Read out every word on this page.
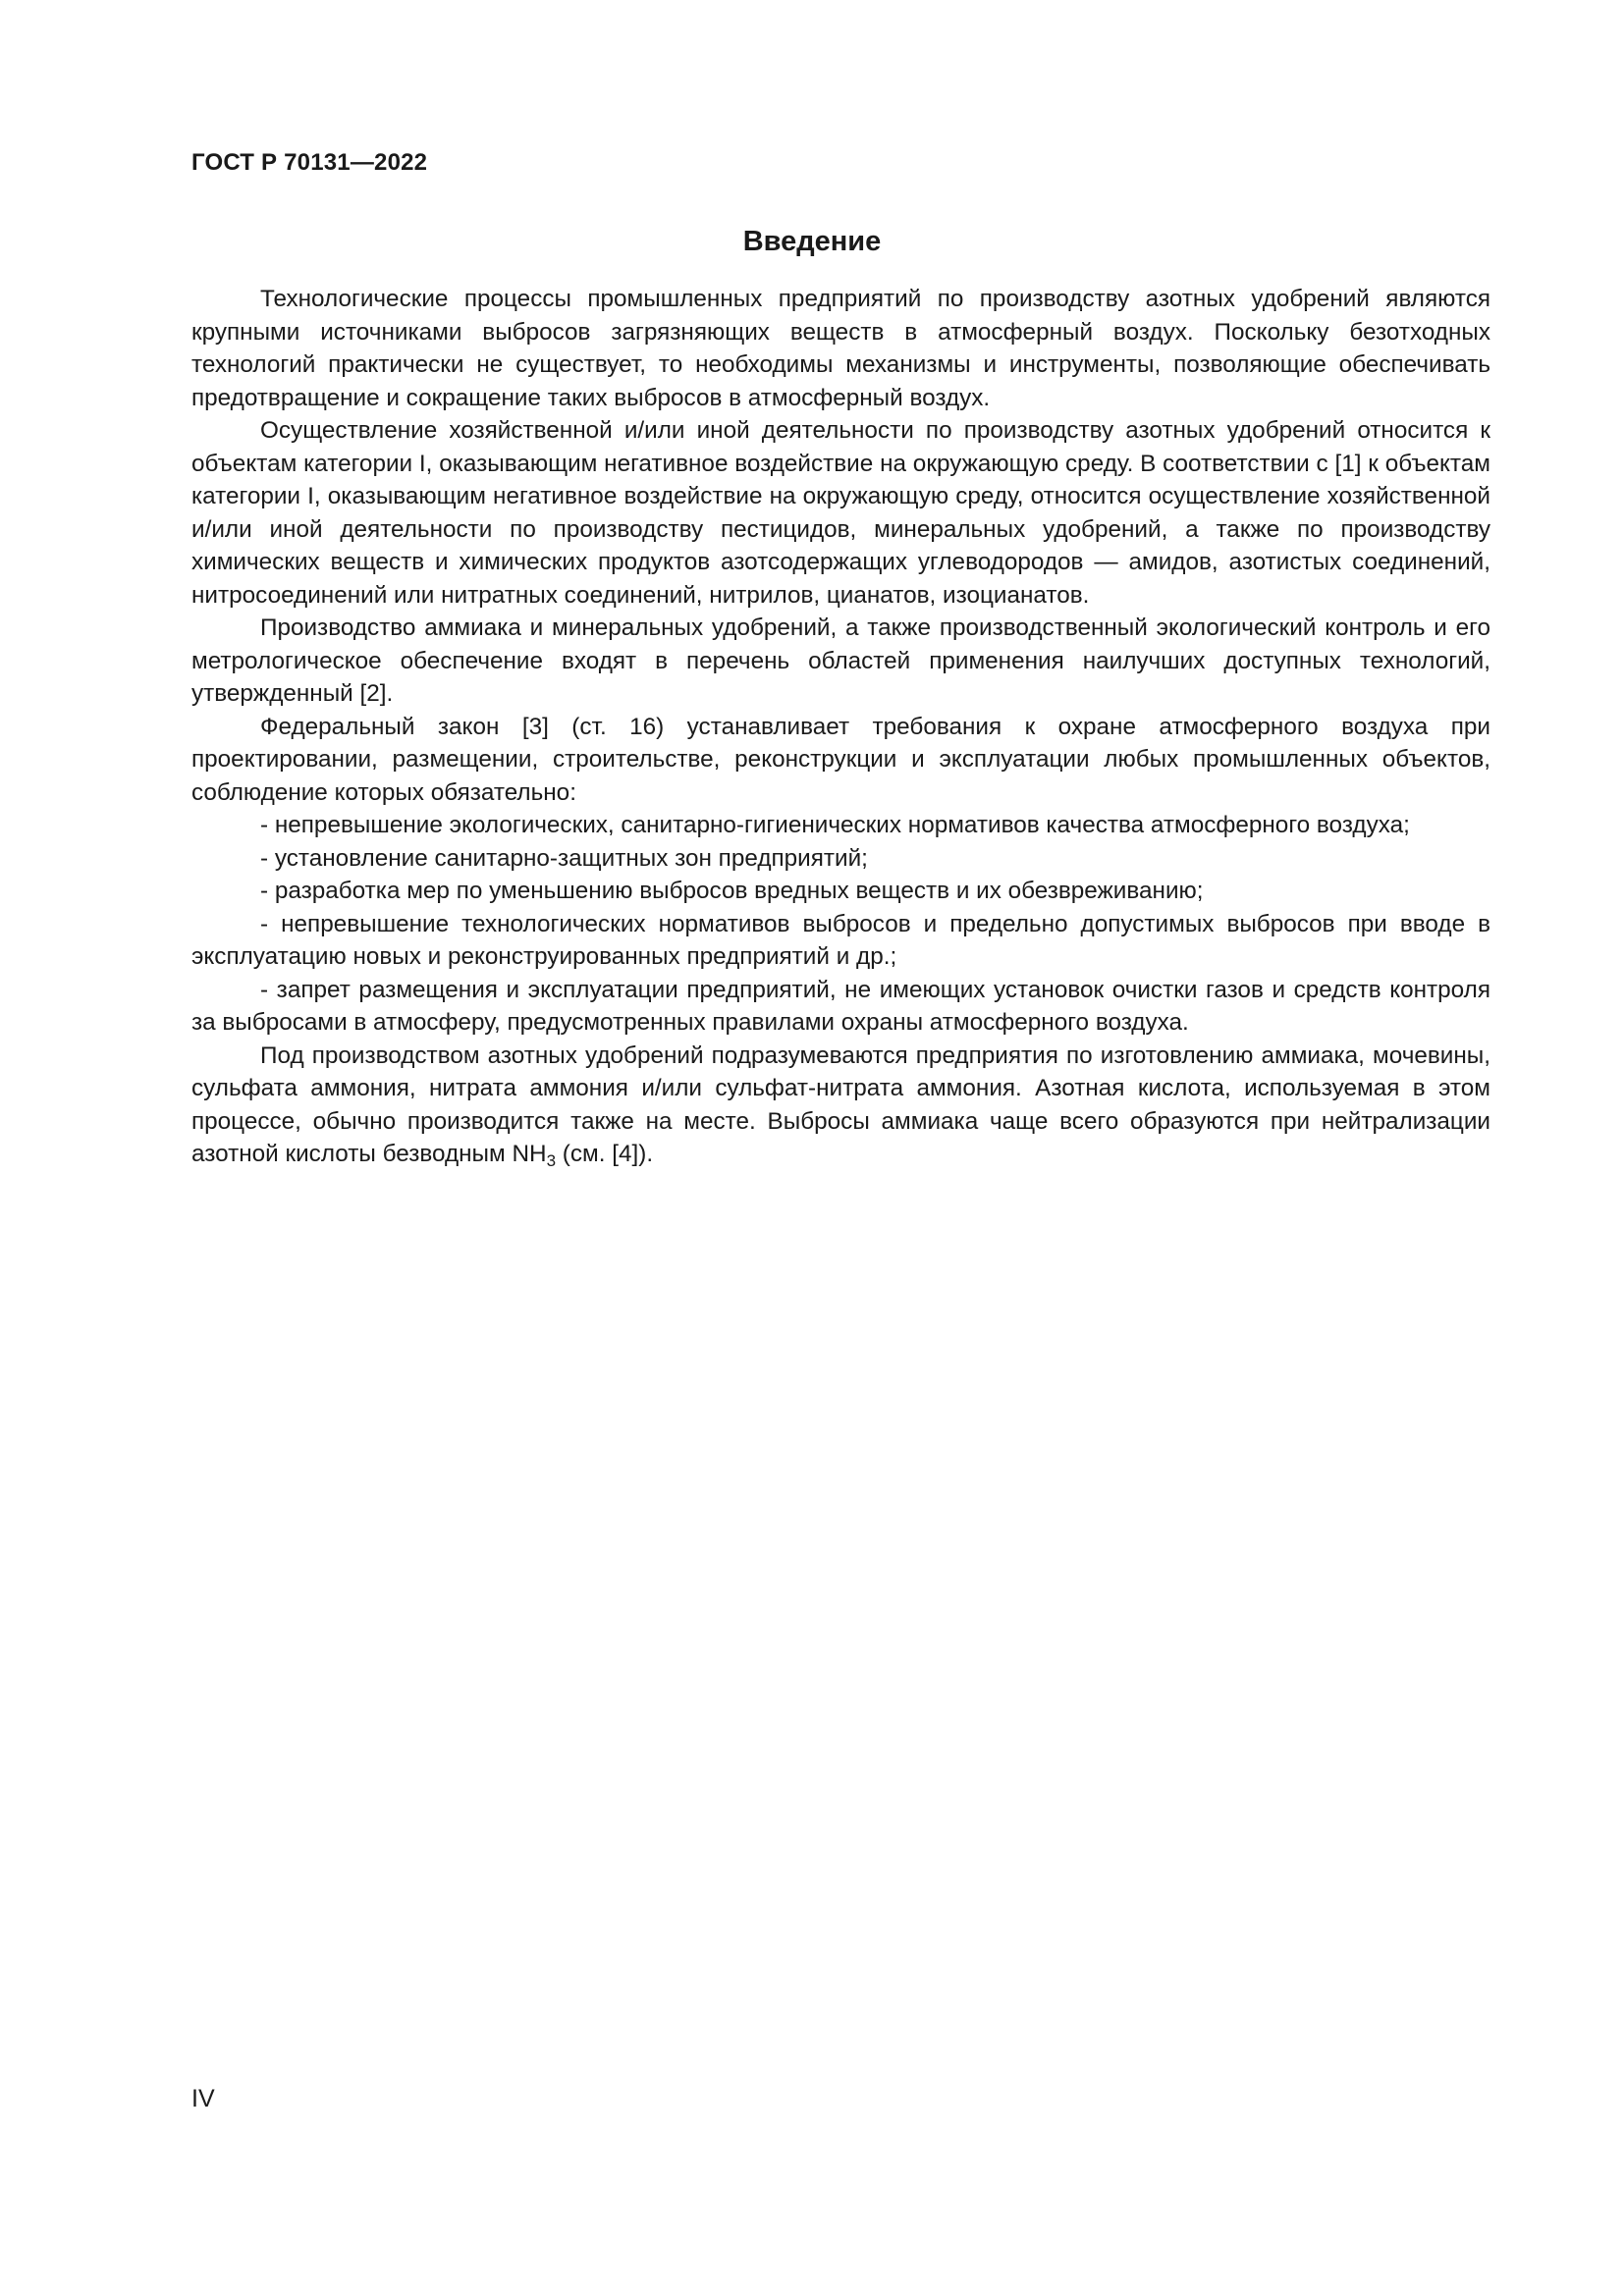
ГОСТ Р 70131—2022
Введение

Технологические процессы промышленных предприятий по производству азотных удобрений являются крупными источниками выбросов загрязняющих веществ в атмосферный воздух. Поскольку безотходных технологий практически не существует, то необходимы механизмы и инструменты, позволяющие обеспечивать предотвращение и сокращение таких выбросов в атмосферный воздух.

Осуществление хозяйственной и/или иной деятельности по производству азотных удобрений относится к объектам категории I, оказывающим негативное воздействие на окружающую среду. В соответствии с [1] к объектам категории I, оказывающим негативное воздействие на окружающую среду, относится осуществление хозяйственной и/или иной деятельности по производству пестицидов, минеральных удобрений, а также по производству химических веществ и химических продуктов азотсодержащих углеводородов — амидов, азотистых соединений, нитросоединений или нитратных соединений, нитрилов, цианатов, изоцианатов.

Производство аммиака и минеральных удобрений, а также производственный экологический контроль и его метрологическое обеспечение входят в перечень областей применения наилучших доступных технологий, утвержденный [2].

Федеральный закон [3] (ст. 16) устанавливает требования к охране атмосферного воздуха при проектировании, размещении, строительстве, реконструкции и эксплуатации любых промышленных объектов, соблюдение которых обязательно:

- непревышение экологических, санитарно-гигиенических нормативов качества атмосферного воздуха;

- установление санитарно-защитных зон предприятий;

- разработка мер по уменьшению выбросов вредных веществ и их обезвреживанию;

- непревышение технологических нормативов выбросов и предельно допустимых выбросов при вводе в эксплуатацию новых и реконструированных предприятий и др.;

- запрет размещения и эксплуатации предприятий, не имеющих установок очистки газов и средств контроля за выбросами в атмосферу, предусмотренных правилами охраны атмосферного воздуха.

Под производством азотных удобрений подразумеваются предприятия по изготовлению аммиака, мочевины, сульфата аммония, нитрата аммония и/или сульфат-нитрата аммония. Азотная кислота, используемая в этом процессе, обычно производится также на месте. Выбросы аммиака чаще всего образуются при нейтрализации азотной кислоты безводным $NH_3$ (см. [4]).

IV
